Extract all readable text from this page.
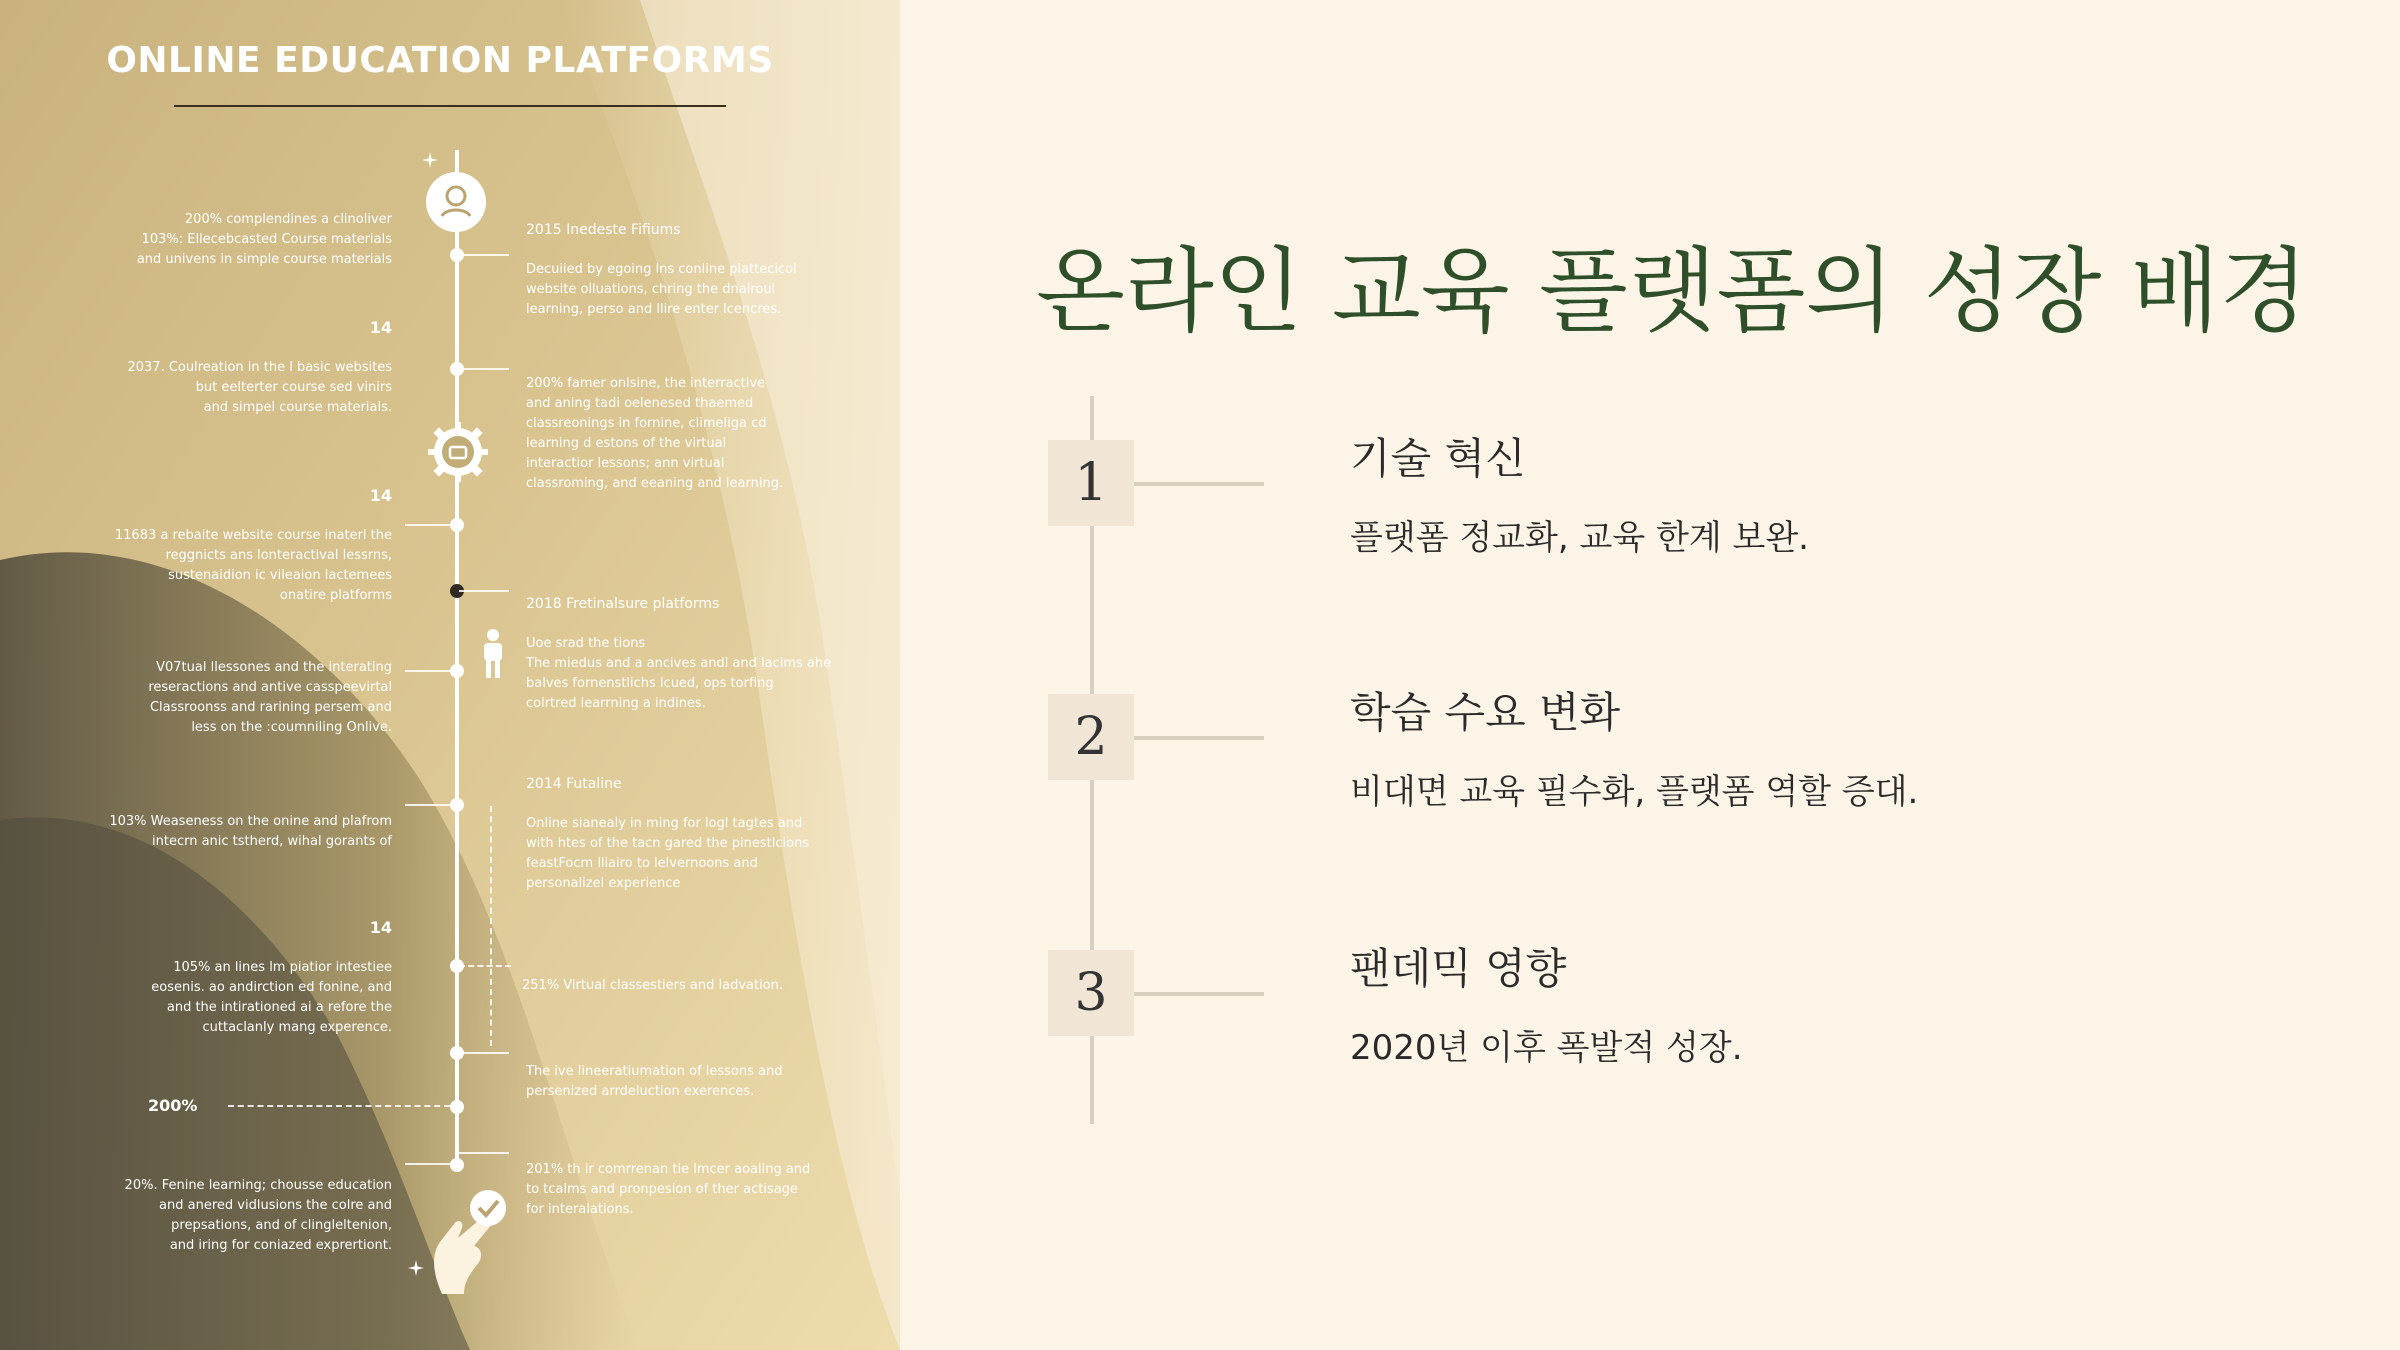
ONLINE EDUCATION PLATFORMS

200% complendines a clinoliver
103%: Ellecebcasted Course materials
and univens in simple course materials

14

2037. Coulreation in the l basic websites
but eelterter course sed vinirs
and simpel course materials.

14

11683 a rebaite website course inaterl the
reggnicts ans lonteractival lessrns,
sustenaidion ic vileaion lactemees
onatire platforms

V07tual llessones and the interating
reseractions and antive casspeevirtal
Classroonss and rarining persem and
less on the :coumniling Onlive.

103% Weaseness on the onine and plafrom
intecrn anic tstherd, wihal gorants of

14

105% an lines lm piatior intestiee
eosenis. ao andirction ed fonine, and
and the intirationed ai a refore the
cuttaclanly mang experence.

200%

20%. Fenine learning; chousse education
and anered vidlusions the colre and
prepsations, and of clingleltenion,
and iring for coniazed exprertiont.

2015 Inedeste Fifiums

Decuiied by egoing lns conline plattecicol
website olluations, chring the dnalroul
learning, perso and llire enter lcencres.

200% famer onlsine, the interractive
and aning tadi oelenesed thaemed
classreonings in fornine, climeliga cd
learning d estons of the virtual
interactior lessons; ann virtual
classroming, and eeaning and learning.

2018 Fretinalsure platforms

Uoe srad the tions
The miedus and a ancives andl and lacims ahe
balves fornenstlichs lcued, ops torfing
colrtred learrning a indines.

2014 Futaline

Online sianealy in ming for logl tagtes and
with htes of the tacn gared the pinestlcions
feastFocm lliairo to lelvernoons and
personalizel experience

251% Virtual classestiers and ladvation.

The ive lineeratiumation of lessons and
persenized arrdeluction exerences.

201% th ir comrrenan tie lmcer aoaling and
to tcalms and pronpesion of ther actisage
for interalations.

온라인 교육 플랫폼의 성장 배경
1	기술 혁신
플랫폼 정교화, 교육 한계 보완.
2	학습 수요 변화
비대면 교육 필수화, 플랫폼 역할 증대.
3	팬데믹 영향
2020년 이후 폭발적 성장.
